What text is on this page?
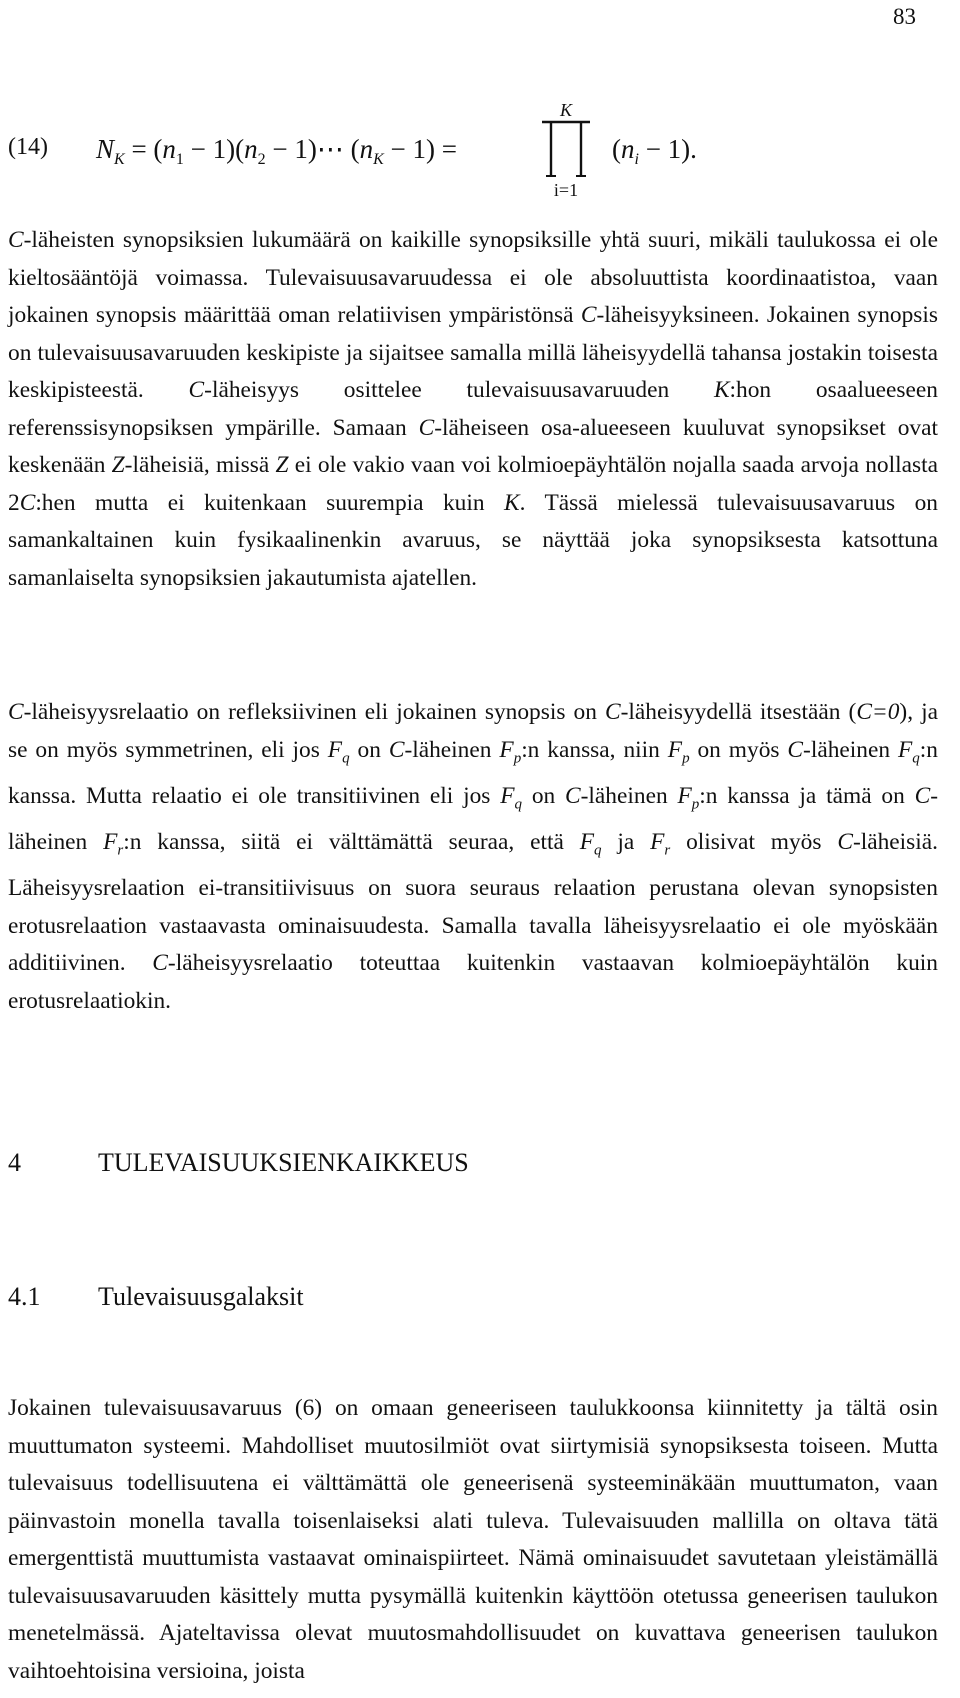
83
(14) $N_K = (n_1 - 1)(n_2$ − 1)⋯ $(n_K - 1)$ =
K
i=1
$(n_i - 1)$.

C-läheisten synopsiksien lukumäärä on kaikille synopsiksille yhtä suuri, mikäli taulukossa ei ole kieltosääntöjä voimassa. Tulevaisuusavaruudessa ei ole absoluuttista koordinaatistoa, vaan jokainen synopsis määrittää oman relatiivisen ympäristönsä C-läheisyyksineen. Jokainen synopsis on tulevaisuusavaruuden keskipiste ja sijaitsee samalla millä läheisyydellä tahansa jostakin toisesta keskipisteestä. C-läheisyys osittelee tulevaisuusavaruuden K:hon osaalueeseen referenssisynopsiksen ympärille. Samaan C-läheiseen osa-alueeseen kuuluvat synopsikset ovat keskenään Z-läheisiä, missä Z ei ole vakio vaan voi kolmioepäyhtälön nojalla saada arvoja nollasta 2C:hen mutta ei kuitenkaan suurempia kuin K. Tässä mielessä tulevaisuusavaruus on samankaltainen kuin fysikaalinenkin avaruus, se näyttää joka synopsiksesta katsottuna samanlaiselta synopsiksien jakautumista ajatellen.

C-läheisyysrelaatio on refleksiivinen eli jokainen synopsis on C-läheisyydellä itsestään (C=0), ja se on myös symmetrinen, eli jos $F_q$ on C-läheinen $F_p:n$ kanssa, niin $F_p$ on myös C-läheinen $F_q:n$ kanssa. Mutta relaatio ei ole transitiivinen eli jos $F_q$ on C-läheinen $F_p:n$ kanssa ja tämä on C-läheinen $F_r:n$ kanssa, siitä ei välttämättä seuraa, että $F_q$ ja $F_r$ olisivat myös C-läheisiä. Läheisyysrelaation ei-transitiivisuus on suora seuraus relaation perustana olevan synopsisten erotusrelaation vastaavasta ominaisuudesta. Samalla tavalla läheisyysrelaatio ei ole myöskään additiivinen. C-läheisyysrelaatio toteuttaa kuitenkin vastaavan kolmioepäyhtälön kuin erotusrelaatiokin.

4	TULEVAISUUKSIENKAIKKEUS
4.1 Tulevaisuusgalaksit

Jokainen tulevaisuusavaruus (6) on omaan geneeriseen taulukkoonsa kiinnitetty ja tältä osin muuttumaton systeemi. Mahdolliset muutosilmiöt ovat siirtymisiä synopsiksesta toiseen. Mutta tulevaisuus todellisuutena ei välttämättä ole geneerisenä systeeminäkään muuttumaton, vaan päinvastoin monella tavalla toisenlaiseksi alati tuleva. Tulevaisuuden mallilla on oltava tätä emergenttistä muuttumista vastaavat ominaispiirteet. Nämä ominaisuudet savutetaan yleistämällä tulevaisuusavaruuden käsittely mutta pysymällä kuitenkin käyttöön otetussa geneerisen taulukon menetelmässä. Ajateltavissa olevat muutosmahdollisuudet on kuvattava geneerisen taulukon vaihtoehtoisina versioina, joista
